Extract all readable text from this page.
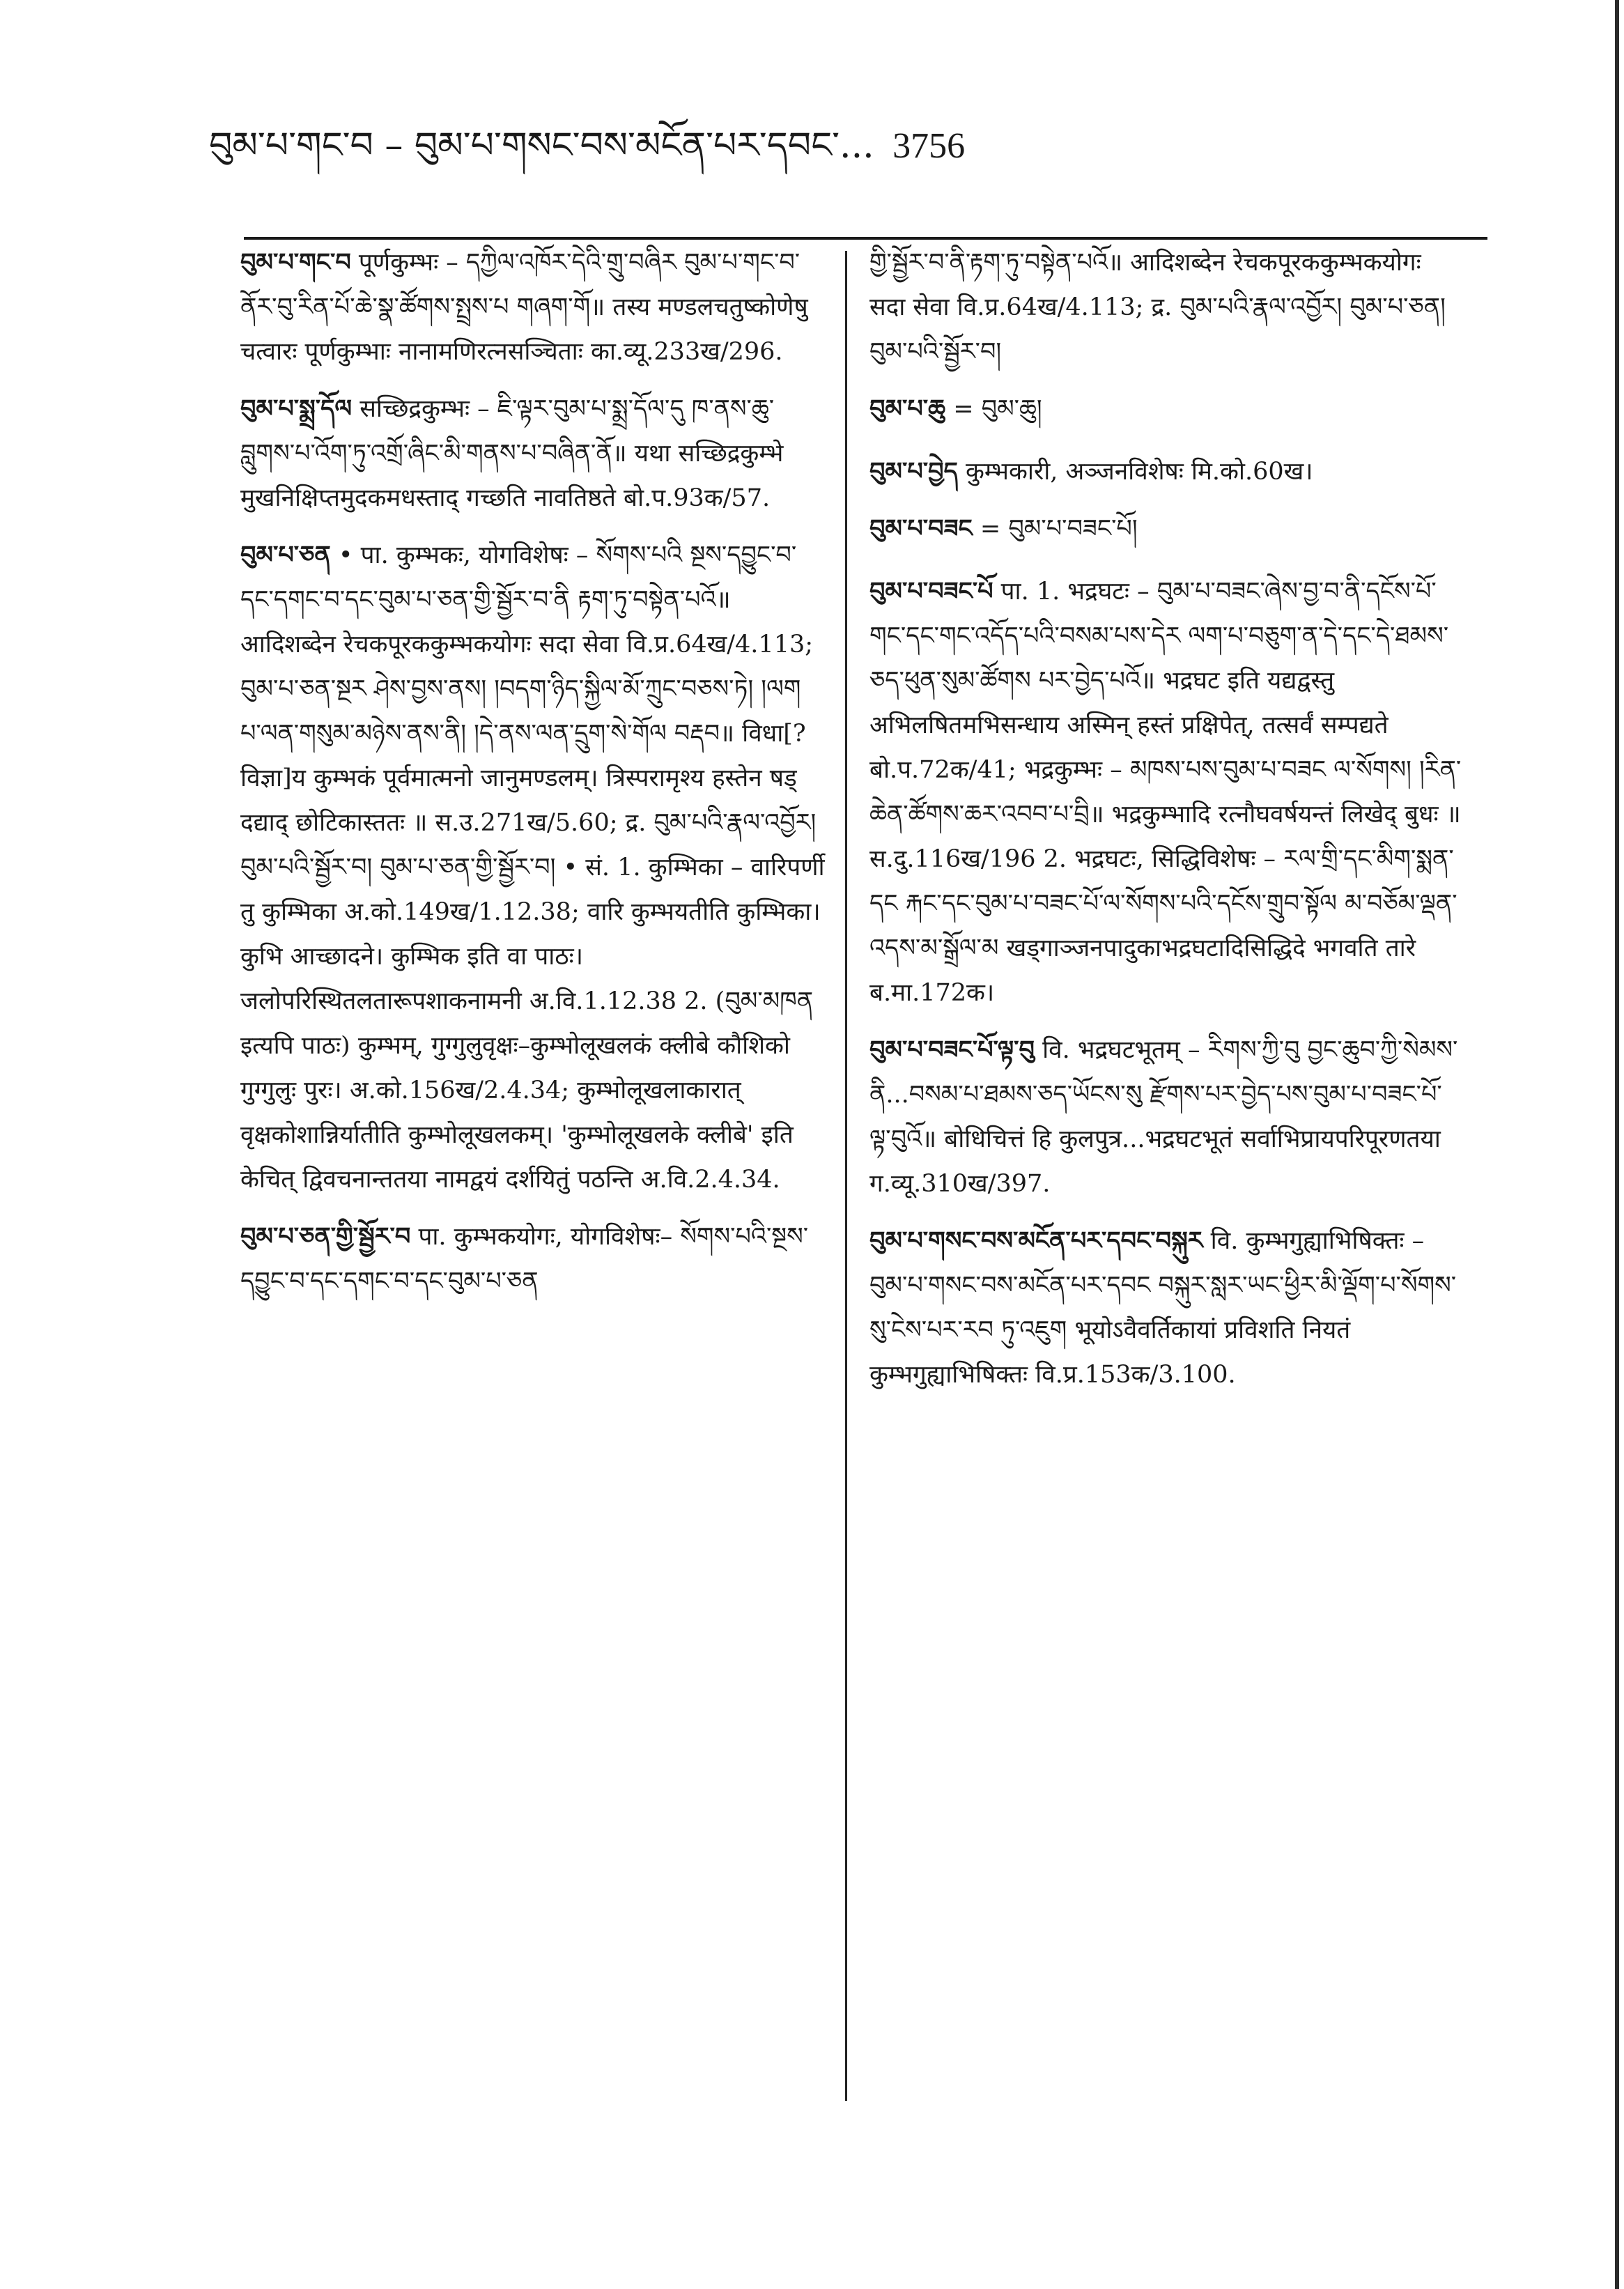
བུམ་པ་གང་བ – བུམ་པ་གསང་བས་མངོན་པར་དབང་... 3756

བུམ་པ་གང་བ पूर्णकुम्भः – དཀྱིལ་འཁོར་དེའི་གྲུ་བཞིར བུམ་པ་གང་བ་ནོར་བུ་རིན་པོ་ཆེ་སྣ་ཚོགས་སྤྲས་པ གཞག་གོ॥ तस्य मण्डलचतुष्कोणेषु चत्वारः पूर्णकुम्भाः नानामणिरत्नसञ्चिताः का.व्यू.233ख/296.

བུམ་པ་སྨྲ་དོལ सच्छिद्रकुम्भः – ཇི་ལྟར་བུམ་པ་སྨྲ་དོལ་དུ ཁ་ནས་ཆུ་བླུགས་པ་འོག་ཏུ་འགྲོ་ཞིང་མི་གནས་པ་བཞིན་ནོ॥ यथा सच्छिद्रकुम्भे मुखनिक्षिप्तमुदकमधस्ताद् गच्छति नावतिष्ठते बो.प.93क/57.

བུམ་པ་ཅན • पा. कुम्भकः, योगविशेषः – སོགས་པའི སྔས་དབྱུང་བ་དང་དགང་བ་དང་བུམ་པ་ཅན་གྱི་སྦྱོར་བ་ནི རྟག་ཏུ་བསྟེན་པའོ॥ आदिशब्देन रेचकपूरककुम्भकयोगः सदा सेवा वि.प्र.64ख/4.113; བུམ་པ་ཅན་སྔར ཤེས་བྱས་ནས། །བདག་ཉིད་སྐྱིལ་མོ་ཀྲུང་བཅས་ཏེ། །ལག པ་ལན་གསུམ་མཉེས་ནས་ནི། །དེ་ནས་ལན་དྲུག་སེ་གོལ བརྡབ॥ विधा[?विज्ञा]य कुम्भकं पूर्वमात्मनो जानुमण्डलम्। त्रिस्परामृश्य हस्तेन षड् दद्याद् छोटिकास्ततः ॥ स.उ.271ख/5.60; द्र. བུམ་པའི་རྣལ་འབྱོར། བུམ་པའི་སྦྱོར་བ། བུམ་པ་ཅན་གྱི་སྦྱོར་བ། • सं. 1. कुम्भिका – वारिपर्णी तु कुम्भिका अ.को.149ख/1.12.38; वारि कुम्भयतीति कुम्भिका। कुभि आच्छादने। कुम्भिक इति वा पाठः। जलोपरिस्थितलतारूपशाकनामनी अ.वि.1.12.38 2. (བུམ་མཁན इत्यपि पाठः) कुम्भम्, गुग्गुलुवृक्षः–कुम्भोलूखलकं क्लीबे कौशिको गुग्गुलुः पुरः। अ.को.156ख/2.4.34; कुम्भोलूखलाकारात् वृक्षकोशान्निर्यातीति कुम्भोलूखलकम्। 'कुम्भोलूखलके क्लीबे' इति केचित् द्विवचनान्ततया नामद्वयं दर्शयितुं पठन्ति अ.वि.2.4.34.

བུམ་པ་ཅན་གྱི་སྦྱོར་བ पा. कुम्भकयोगः, योगविशेषः– སོགས་པའི་སྔས་དབྱུང་བ་དང་དགང་བ་དང་བུམ་པ་ཅན

གྱི་སྦྱོར་བ་ནི་རྟག་ཏུ་བསྟེན་པའོ॥ आदिशब्देन रेचकपूरककुम्भकयोगः सदा सेवा वि.प्र.64ख/4.113; द्र. བུམ་པའི་རྣལ་འབྱོར། བུམ་པ་ཅན། བུམ་པའི་སྦྱོར་བ།

བུམ་པ་ཆུ = བུམ་ཆུ།

བུམ་པ་བྱེད कुम्भकारी, अञ्जनविशेषः मि.को.60ख।

བུམ་པ་བཟང = བུམ་པ་བཟང་པོ།

བུམ་པ་བཟང་པོ पा. 1. भद्रघटः – བུམ་པ་བཟང་ཞེས་བྱ་བ་ནི་དངོས་པོ་གང་དང་གང་འདོད་པའི་བསམ་པས་དེར ལག་པ་བཅུག་ན་དེ་དང་དེ་ཐམས་ཅད་ཕུན་སུམ་ཚོགས པར་བྱེད་པའོ॥ भद्रघट इति यद्यद्वस्तु अभिलषितमभिसन्धाय अस्मिन् हस्तं प्रक्षिपेत्, तत्सर्वं सम्पद्यते बो.प.72क/41; भद्रकुम्भः – མཁས་པས་བུམ་པ་བཟང ལ་སོགས། །རིན་ཆེན་ཚོགས་ཆར་འབབ་པ་བྲི॥ भद्रकुम्भादि रत्नौघवर्षयन्तं लिखेद् बुधः ॥ स.दु.116ख/196 2. भद्रघटः, सिद्धिविशेषः – རལ་གྲི་དང་མིག་སྨན་དང རྐང་དང་བུམ་པ་བཟང་པོ་ལ་སོགས་པའི་དངོས་གྲུབ་སྟོལ མ་བཅོམ་ལྡན་འདས་མ་སྒྲོལ་མ खड्गाञ्जनपादुकाभद्रघटादिसिद्धिदे भगवति तारे ब.मा.172क।

བུམ་པ་བཟང་པོ་ལྟ་བུ वि. भद्रघटभूतम् – རིགས་ཀྱི་བུ བྱང་ཆུབ་ཀྱི་སེམས་ནི...བསམ་པ་ཐམས་ཅད་ཡོངས་སུ རྫོགས་པར་བྱེད་པས་བུམ་པ་བཟང་པོ་ལྟ་བུའོ॥ बोधिचित्तं हि कुलपुत्र...भद्रघटभूतं सर्वाभिप्रायपरिपूरणतया ग.व्यू.310ख/397.

བུམ་པ་གསང་བས་མངོན་པར་དབང་བསྐུར वि. कुम्भगुह्याभिषिक्तः – བུམ་པ་གསང་བས་མངོན་པར་དབང བསྐུར་སླར་ཡང་ཕྱིར་མི་ལྡོག་པ་སོགས་སུ་ངེས་པར་རབ ཏུ་འཇུག भूयोऽवैवर्तिकायां प्रविशति नियतं कुम्भगुह्याभिषिक्तः वि.प्र.153क/3.100.
